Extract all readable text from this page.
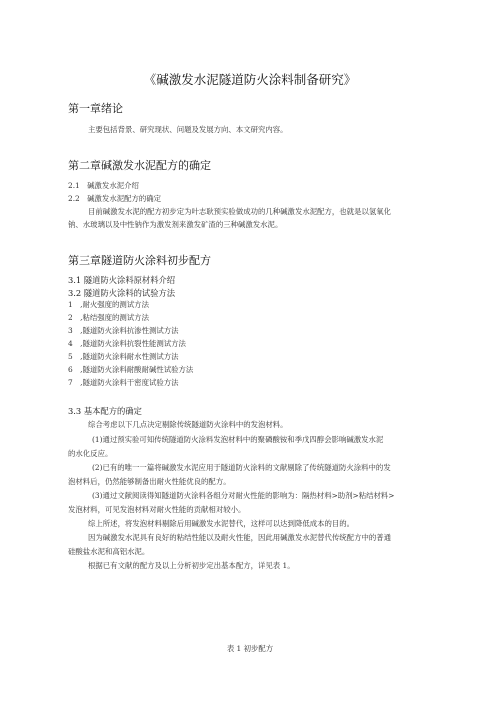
《碱激发水泥隧道防火涂料制备研究》
第一章绪论
主要包括背景、研究现状、问题及发展方向、本文研究内容。
第二章碱激发水泥配方的确定
2.1　碱激发水泥介绍
2.2　碱激发水泥配方的确定
目前碱激发水泥的配方初步定为叶志耿预实验做成功的几种碱激发水泥配方，也就是以氢氧化
钠、水玻璃以及中性钠作为激发剂来激发矿渣的三种碱激发水泥。
第三章隧道防火涂料初步配方
3.1 隧道防火涂料原材料介绍
3.2 隧道防火涂料的试验方法
1　,耐火强度的测试方法
2　,粘结强度的测试方法
3　,隧道防火涂料抗渗性测试方法
4　,隧道防火涂料抗裂性能测试方法
5　,隧道防火涂料耐水性测试方法
6　,隧道防火涂料耐酸耐碱性试验方法
7　,隧道防火涂料干密度试验方法
3.3 基本配方的确定
综合考虑以下几点决定剔除传统隧道防火涂料中的发泡材料。
(1)通过预实验可知传统隧道防火涂料发泡材料中的聚磷酸铵和季戊四醇会影响碱激发水泥
的水化反应。
(2)已有的唯一一篇将碱激发水泥应用于隧道防火涂料的文献剔除了传统隧道防火涂料中的发
泡材料后，仍然能够制备出耐火性能优良的配方。
(3)通过文献阅读得知隧道防火涂料各组分对耐火性能的影响为：隔热材料>助剂>粘结材料>
发泡材料，可见发泡材料对耐火性能的贡献相对较小。
综上所述，将发泡材料剔除后用碱激发水泥替代，这样可以达到降低成本的目的。
因为碱激发水泥具有良好的粘结性能以及耐火性能，因此用碱激发水泥替代传统配方中的普通
硅酸盐水泥和高铝水泥。
根据已有文献的配方及以上分析初步定出基本配方，详见表 1。
表 1 初步配方
